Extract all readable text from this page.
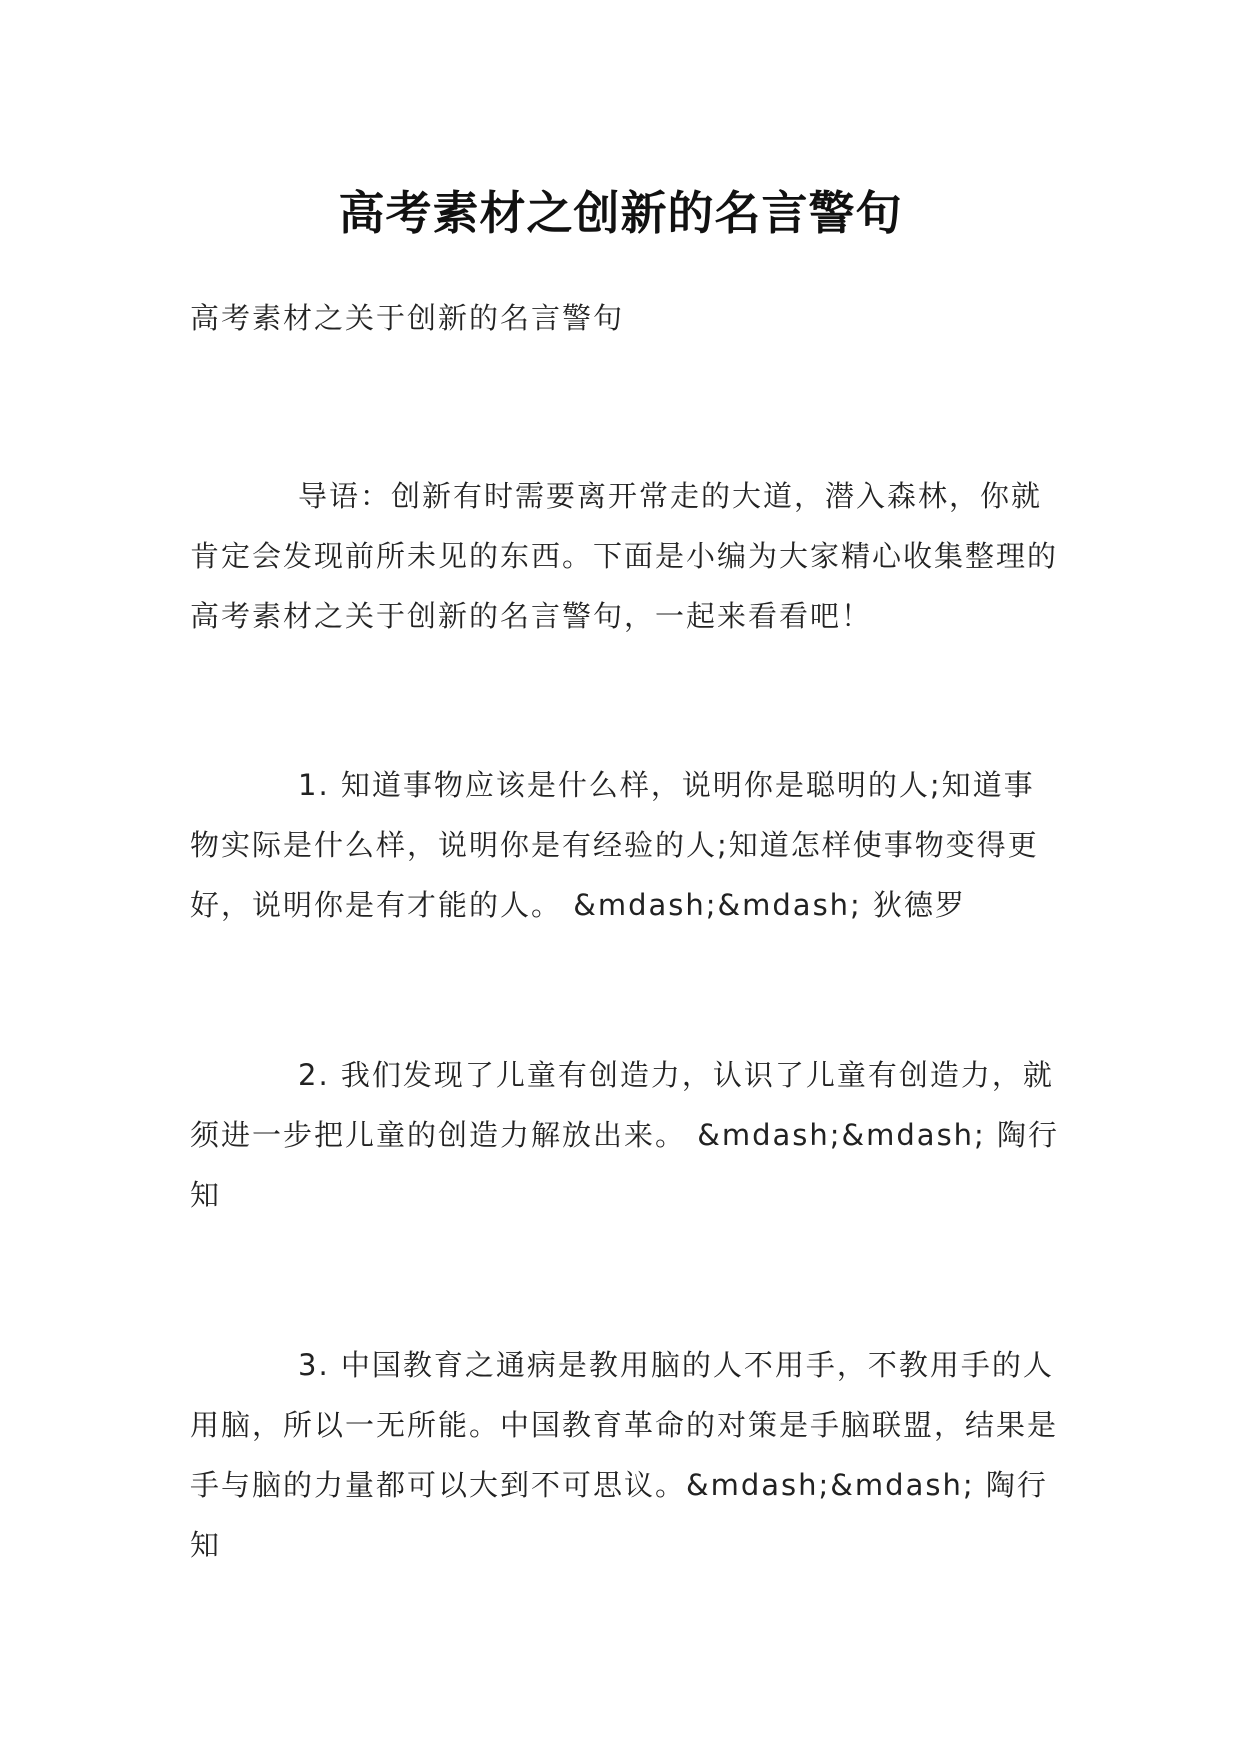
高考素材之创新的名言警句

高考素材之关于创新的名言警句

导语：创新有时需要离开常走的大道，潜入森林，你就肯定会发现前所未见的东西。下面是小编为大家精心收集整理的高考素材之关于创新的名言警句，一起来看看吧！

1. 知道事物应该是什么样，说明你是聪明的人;知道事物实际是什么样，说明你是有经验的人;知道怎样使事物变得更好，说明你是有才能的人。 &mdash;&mdash; 狄德罗

2. 我们发现了儿童有创造力，认识了儿童有创造力，就须进一步把儿童的创造力解放出来。 &mdash;&mdash; 陶行知

3. 中国教育之通病是教用脑的人不用手，不教用手的人用脑，所以一无所能。中国教育革命的对策是手脑联盟，结果是手与脑的力量都可以大到不可思议。&mdash;&mdash; 陶行知
